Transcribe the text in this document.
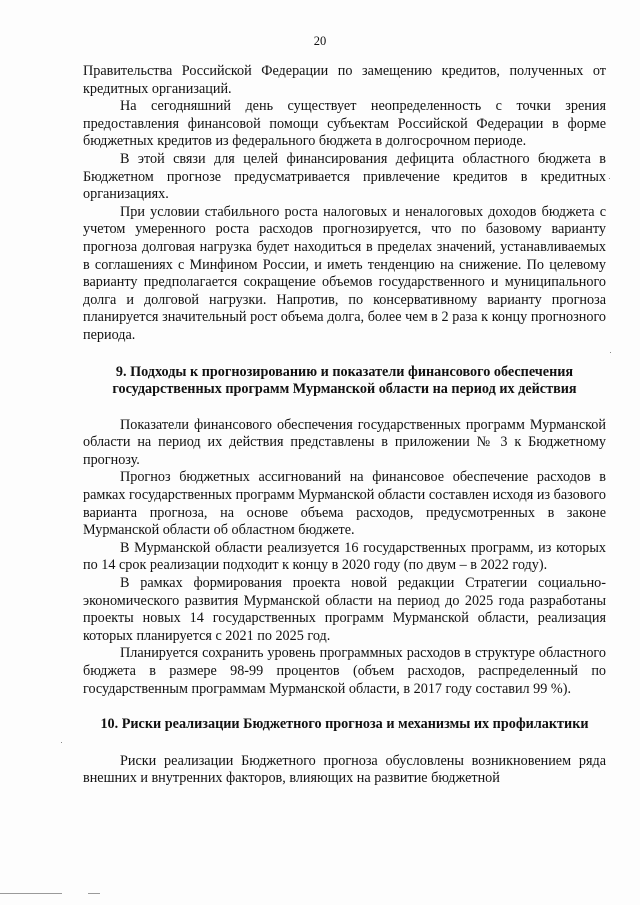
20

Правительства Российской Федерации по замещению кредитов, полученных от кредитных организаций.

На сегодняшний день существует неопределенность с точки зрения предоставления финансовой помощи субъектам Российской Федерации в форме бюджетных кредитов из федерального бюджета в долгосрочном периоде.

В этой связи для целей финансирования дефицита областного бюджета в Бюджетном прогнозе предусматривается привлечение кредитов в кредитных организациях.

При условии стабильного роста налоговых и неналоговых доходов бюджета с учетом умеренного роста расходов прогнозируется, что по базовому варианту прогноза долговая нагрузка будет находиться в пределах значений, устанавливаемых в соглашениях с Минфином России, и иметь тенденцию на снижение. По целевому варианту предполагается сокращение объемов государственного и муниципального долга и долговой нагрузки. Напротив, по консервативному варианту прогноза планируется значительный рост объема долга, более чем в 2 раза к концу прогнозного периода.

9. Подходы к прогнозированию и показатели финансового обеспечения государственных программ Мурманской области на период их действия

Показатели финансового обеспечения государственных программ Мурманской области на период их действия представлены в приложении № 3 к Бюджетному прогнозу.

Прогноз бюджетных ассигнований на финансовое обеспечение расходов в рамках государственных программ Мурманской области составлен исходя из базового варианта прогноза, на основе объема расходов, предусмотренных в законе Мурманской области об областном бюджете.

В Мурманской области реализуется 16 государственных программ, из которых по 14 срок реализации подходит к концу в 2020 году (по двум – в 2022 году).

В рамках формирования проекта новой редакции Стратегии социально-экономического развития Мурманской области на период до 2025 года разработаны проекты новых 14 государственных программ Мурманской области, реализация которых планируется с 2021 по 2025 год.

Планируется сохранить уровень программных расходов в структуре областного бюджета в размере 98-99 процентов (объем расходов, распределенный по государственным программам Мурманской области, в 2017 году составил 99 %).

10. Риски реализации Бюджетного прогноза и механизмы их профилактики

Риски реализации Бюджетного прогноза обусловлены возникновением ряда внешних и внутренних факторов, влияющих на развитие бюджетной
